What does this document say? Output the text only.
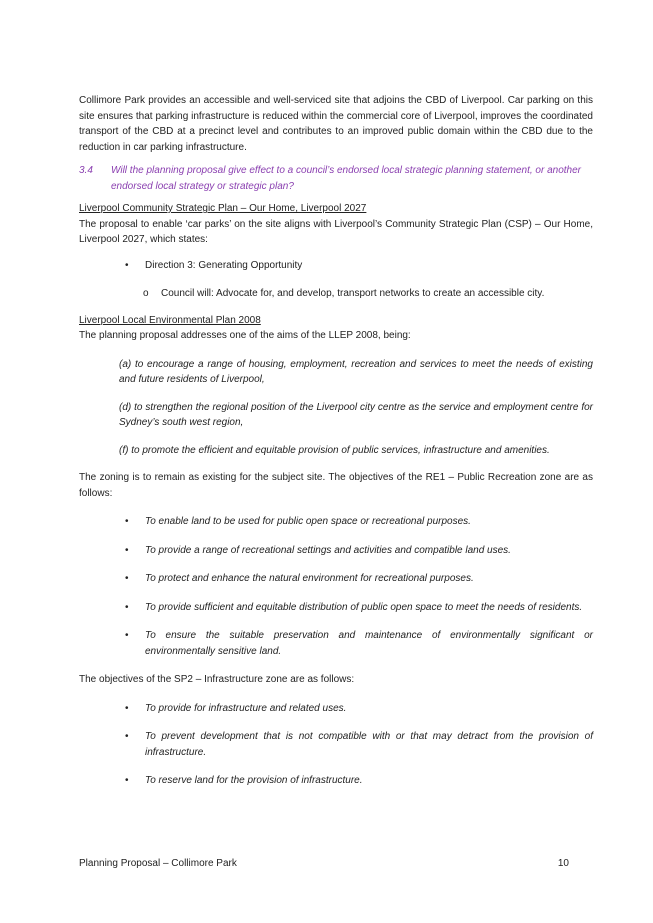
Collimore Park provides an accessible and well-serviced site that adjoins the CBD of Liverpool. Car parking on this site ensures that parking infrastructure is reduced within the commercial core of Liverpool, improves the coordinated transport of the CBD at a precinct level and contributes to an improved public domain within the CBD due to the reduction in car parking infrastructure.

3.4	Will the planning proposal give effect to a council’s endorsed local strategic planning statement, or another endorsed local strategy or strategic plan?

Liverpool Community Strategic Plan – Our Home, Liverpool 2027

The proposal to enable ‘car parks’ on the site aligns with Liverpool’s Community Strategic Plan (CSP) – Our Home, Liverpool 2027, which states:

• Direction 3: Generating Opportunity
o Council will: Advocate for, and develop, transport networks to create an accessible city.

Liverpool Local Environmental Plan 2008

The planning proposal addresses one of the aims of the LLEP 2008, being:

(a) to encourage a range of housing, employment, recreation and services to meet the needs of existing and future residents of Liverpool,

(d) to strengthen the regional position of the Liverpool city centre as the service and employment centre for Sydney’s south west region,

(f) to promote the efficient and equitable provision of public services, infrastructure and amenities.

The zoning is to remain as existing for the subject site. The objectives of the RE1 – Public Recreation zone are as follows:

• To enable land to be used for public open space or recreational purposes.
• To provide a range of recreational settings and activities and compatible land uses.
• To protect and enhance the natural environment for recreational purposes.
• To provide sufficient and equitable distribution of public open space to meet the needs of residents.
• To ensure the suitable preservation and maintenance of environmentally significant or environmentally sensitive land.

The objectives of the SP2 – Infrastructure zone are as follows:

• To provide for infrastructure and related uses.
• To prevent development that is not compatible with or that may detract from the provision of infrastructure.
• To reserve land for the provision of infrastructure.
Planning Proposal – Collimore Park	10
